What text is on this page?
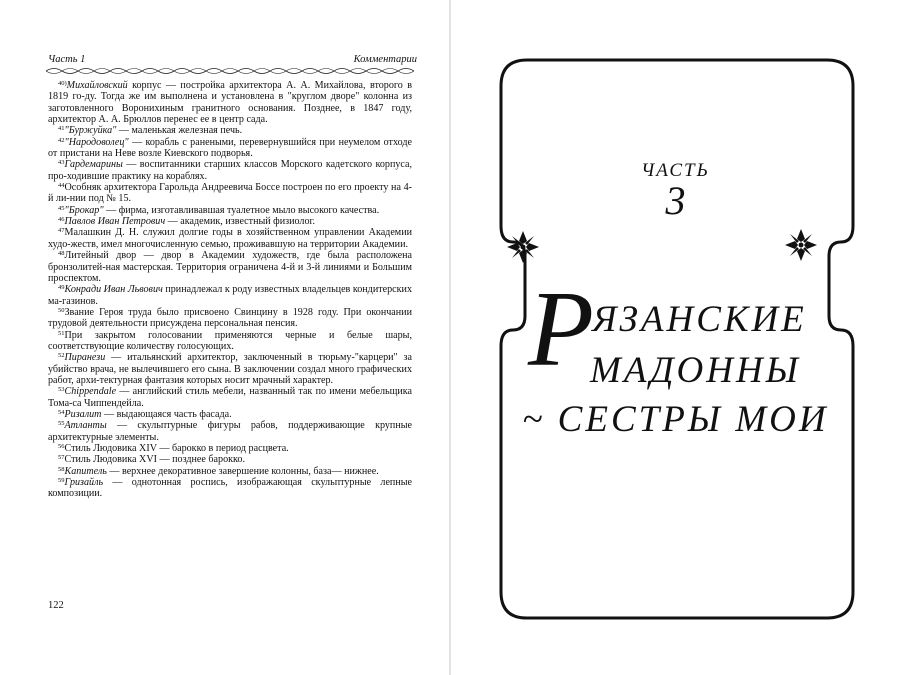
Часть 1	Комментарии

$^{40)}$Михайловский корпус — постройка архитектора А. А. Михайлова, второго в 1819 го-ду. Тогда же им выполнена и установлена в "круглом дворе" колонна из заготовленного Воронихиным гранитного основания. Позднее, в 1847 году, архитектор А. А. Брюллов перенес ее в центр сада.

$^{41}$"Буржуйка" — маленькая железная печь.

$^{42}$"Народоволец" — корабль с ранеными, перевернувшийся при неумелом отходе от пристани на Неве возле Киевского подворья.

$^{43}$Гардемарины — воспитанники старших классов Морского кадетского корпуса, про-ходившие практику на кораблях.

$^{44}$Особняк архитектора Гарольда Андреевича Боссе построен по его проекту на 4-й ли-нии под № 15.

$^{45}$"Брокар" — фирма, изготавливавшая туалетное мыло высокого качества.

$^{46}$Павлов Иван Петрович — академик, известный физиолог.

$^{47}$Малашкин Д. Н. служил долгие годы в хозяйственном управлении Академии худо-жеств, имел многочисленную семью, проживавшую на территории Академии.

$^{48}$Литейный двор — двор в Академии художеств, где была расположена бронзолитей-ная мастерская. Территория ограничена 4-й и 3-й линиями и Большим проспектом.

$^{49}$Конради Иван Львович принадлежал к роду известных владельцев кондитерских ма-газинов.

$^{50}$Звание Героя труда было присвоено Свинцину в 1928 году. При окончании трудовой деятельности присуждена персональная пенсия.

$^{51}$При закрытом голосовании применяются черные и белые шары, соответствующие количеству голосующих.

$^{52}$Пиранези — итальянский архитектор, заключенный в тюрьму-"карцери" за убийство врача, не вылечившего его сына. В заключении создал много графических работ, архи-тектурная фантазия которых носит мрачный характер.

$^{53}$Chippendale — английский стиль мебели, названный так по имени мебельщика Тома-са Чиппендейла.

$^{54}$Ризалит — выдающаяся часть фасада.

$^{55}$Атланты — скульптурные фигуры рабов, поддерживающие крупные архитектурные элементы.

$^{56}$Стиль Людовика XIV — барокко в период расцвета.

$^{57}$Стиль Людовика XVI — позднее барокко.

$^{58}$Капитель — верхнее декоративное завершение колонны, база— нижнее.

$^{59}$Гризайль — однотонная роспись, изображающая скульптурные лепные композиции.

122
ЧАСТЬ
3
Р
ЯЗАНСКИЕ
МАДОННЫ
~ СЕСТРЫ МОИ
